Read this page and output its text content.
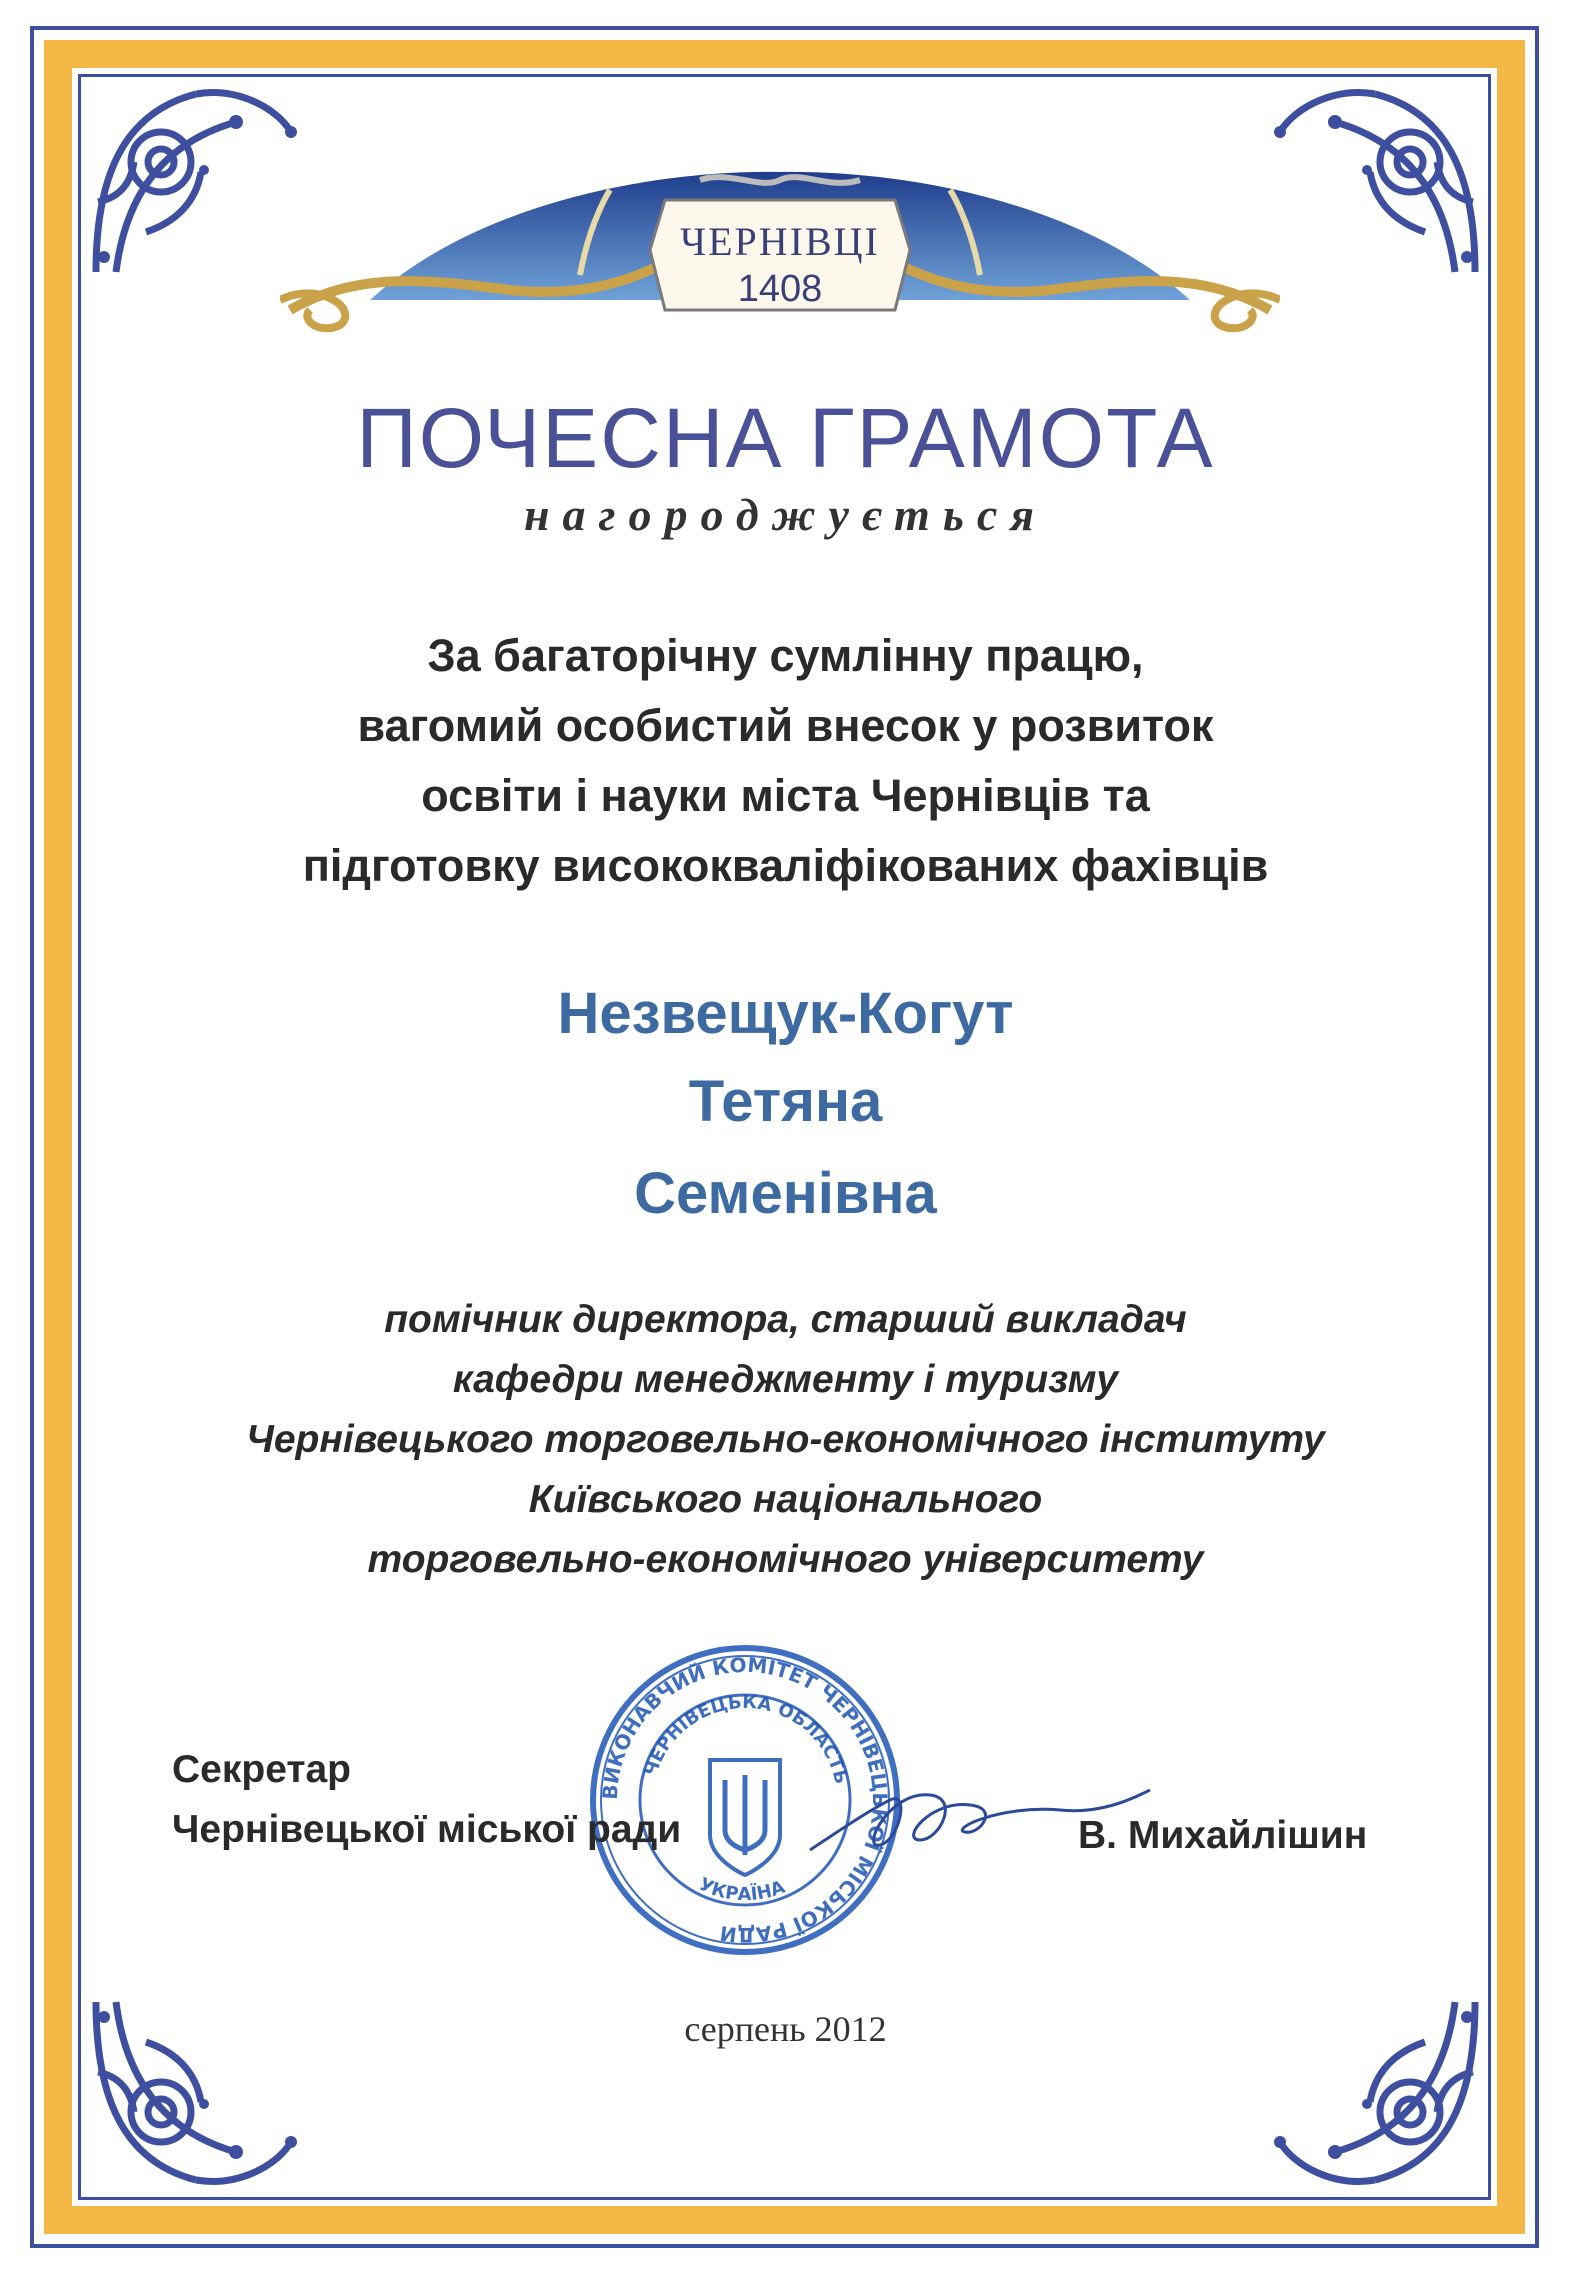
ЧЕРНІВЦІ
1408
ПОЧЕСНА ГРАМОТА
нагороджується
За багаторічну сумлінну працю,
вагомий особистий внесок у розвиток
освіти і науки міста Чернівців та
підготовку висококваліфікованих фахівців
Незвещук-Когут
Тетяна
Семенівна
помічник директора, старший викладач
кафедри менеджменту і туризму
Чернівецького торговельно-економічного інституту
Київського національного
торговельно-економічного університету
ВИКОНАВЧИЙ КОМІТЕТ ЧЕРНІВЕЦЬКОЇ МІСЬКОЇ РАДИ
ЧЕРНІВЕЦЬКА ОБЛАСТЬ
УКРАЇНА
Секретар
Чернівецької міської ради	В. Михайлішин
серпень 2012
